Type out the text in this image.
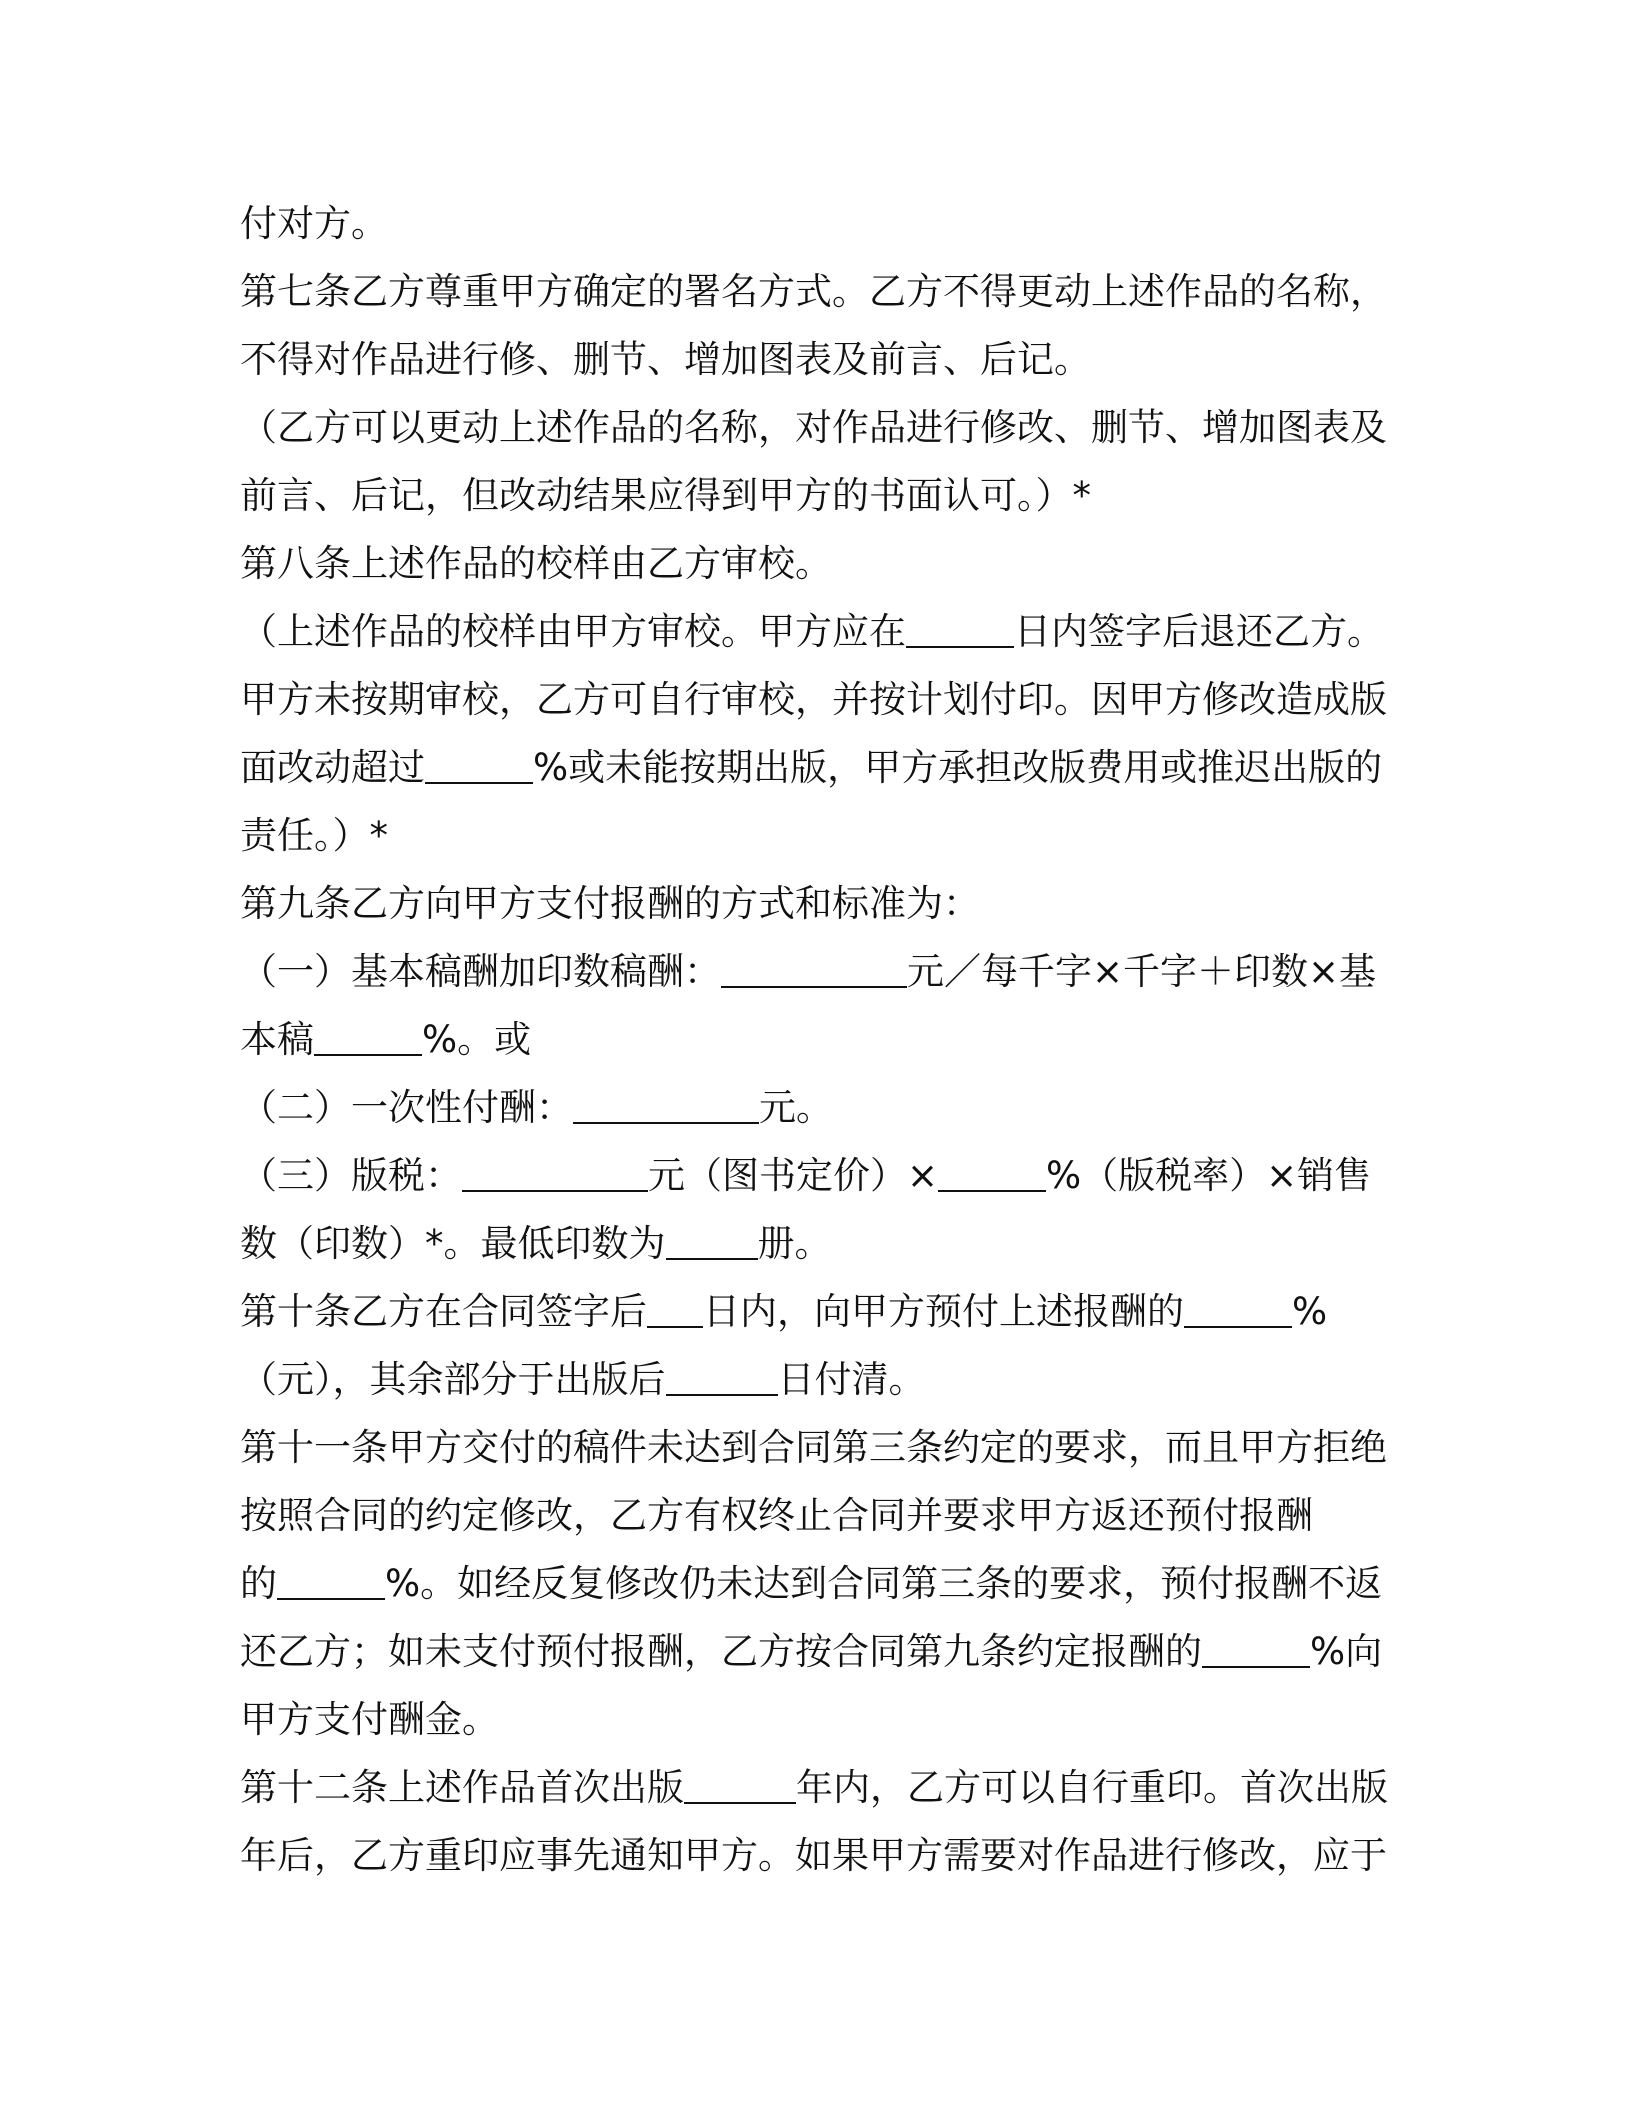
付对方。
第七条乙方尊重甲方确定的署名方式。乙方不得更动上述作品的名称，
不得对作品进行修、删节、增加图表及前言、后记。
（乙方可以更动上述作品的名称，对作品进行修改、删节、增加图表及
前言、后记，但改动结果应得到甲方的书面认可。）*
第八条上述作品的校样由乙方审校。
（上述作品的校样由甲方审校。甲方应在	日内签字后退还乙方。
甲方未按期审校，乙方可自行审校，并按计划付印。因甲方修改造成版
面改动超过	%或未能按期出版，甲方承担改版费用或推迟出版的
责任。）*
第九条乙方向甲方支付报酬的方式和标准为：
（一）基本稿酬加印数稿酬：	元／每千字×千字＋印数×基
本稿	%。或
（二）一次性付酬：	元。
（三）版税：	元（图书定价）×	%（版税率）×销售
数（印数）*。最低印数为 册。
第十条乙方在合同签字后 日内，向甲方预付上述报酬的	%
（元），其余部分于出版后	日付清。
第十一条甲方交付的稿件未达到合同第三条约定的要求，而且甲方拒绝
按照合同的约定修改，乙方有权终止合同并要求甲方返还预付报酬
的	%。如经反复修改仍未达到合同第三条的要求，预付报酬不返
还乙方；如未支付预付报酬，乙方按合同第九条约定报酬的	%向
甲方支付酬金。
第十二条上述作品首次出版	年内，乙方可以自行重印。首次出版
年后，乙方重印应事先通知甲方。如果甲方需要对作品进行修改，应于
